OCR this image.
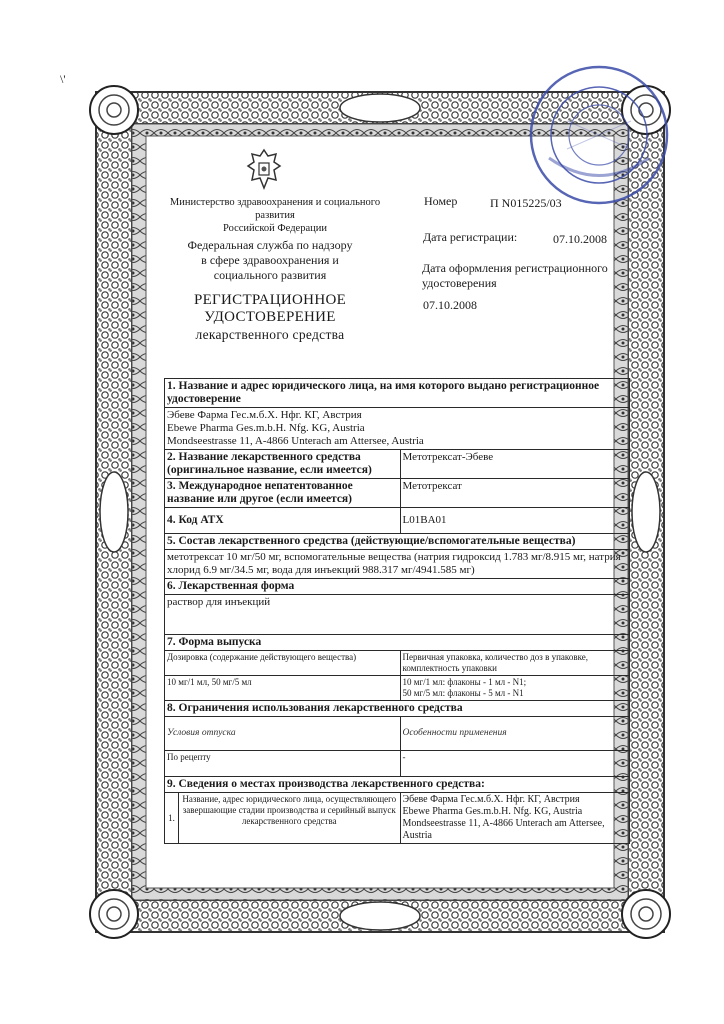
\'
Министерство здравоохранения и социального
развития
Российской Федерации
Федеральная служба по надзору
в сфере здравоохранения и
социального развития
РЕГИСТРАЦИОННОЕ
УДОСТОВЕРЕНИЕ
лекарственного средства
Номер	П N015225/03
Дата регистрации:	07.10.2008
Дата оформления регистрационного удостоверения
07.10.2008
1. Название и адрес юридического лица, на имя которого выдано регистрационное удостоверение		

Эбеве Фарма Гес.м.б.Х. Нфг. КГ, Австрия
Ebewe Pharma Ges.m.b.H. Nfg. KG, Austria
Mondseestrasse 11, A-4866 Unterach am Attersee, Austria		

2. Название лекарственного средства (оригинальное название, если имеется)		Метотрексат-Эбеве
3. Международное непатентованное название или другое (если имеется)		Метотрексат
4. Код АТХ		L01BA01
5. Состав лекарственного средства (действующие/вспомогательные вещества)		
метотрексат 10 мг/50 мг, вспомогательные вещества (натрия гидроксид 1.783 мг/8.915 мг, натрия хлорид 6.9 мг/34.5 мг, вода для инъекций 988.317 мг/4941.585 мг)		
6. Лекарственная форма		
раствор для инъекций		
7. Форма выпуска		
Дозировка (содержание действующего вещества)		Первичная упаковка, количество доз в упаковке, комплектность упаковки
10 мг/1 мл, 50 мг/5 мл		10 мг/1 мл: флаконы - 1 мл - N1;
50 мг/5 мл: флаконы - 5 мл - N1

8. Ограничения использования лекарственного средства		
Условия отпуска		Особенности применения
По рецепту		-
9. Сведения о местах производства лекарственного средства:		
1.	Название, адрес юридического лица, осуществляющего завершающие стадии производства и серийный выпуск лекарственного средства	Эбеве Фарма Гес.м.б.Х. Нфг. КГ, Австрия
Ebewe Pharma Ges.m.b.H. Nfg. KG, Austria
Mondseestrasse 11, A-4866 Unterach am Attersee, Austria
